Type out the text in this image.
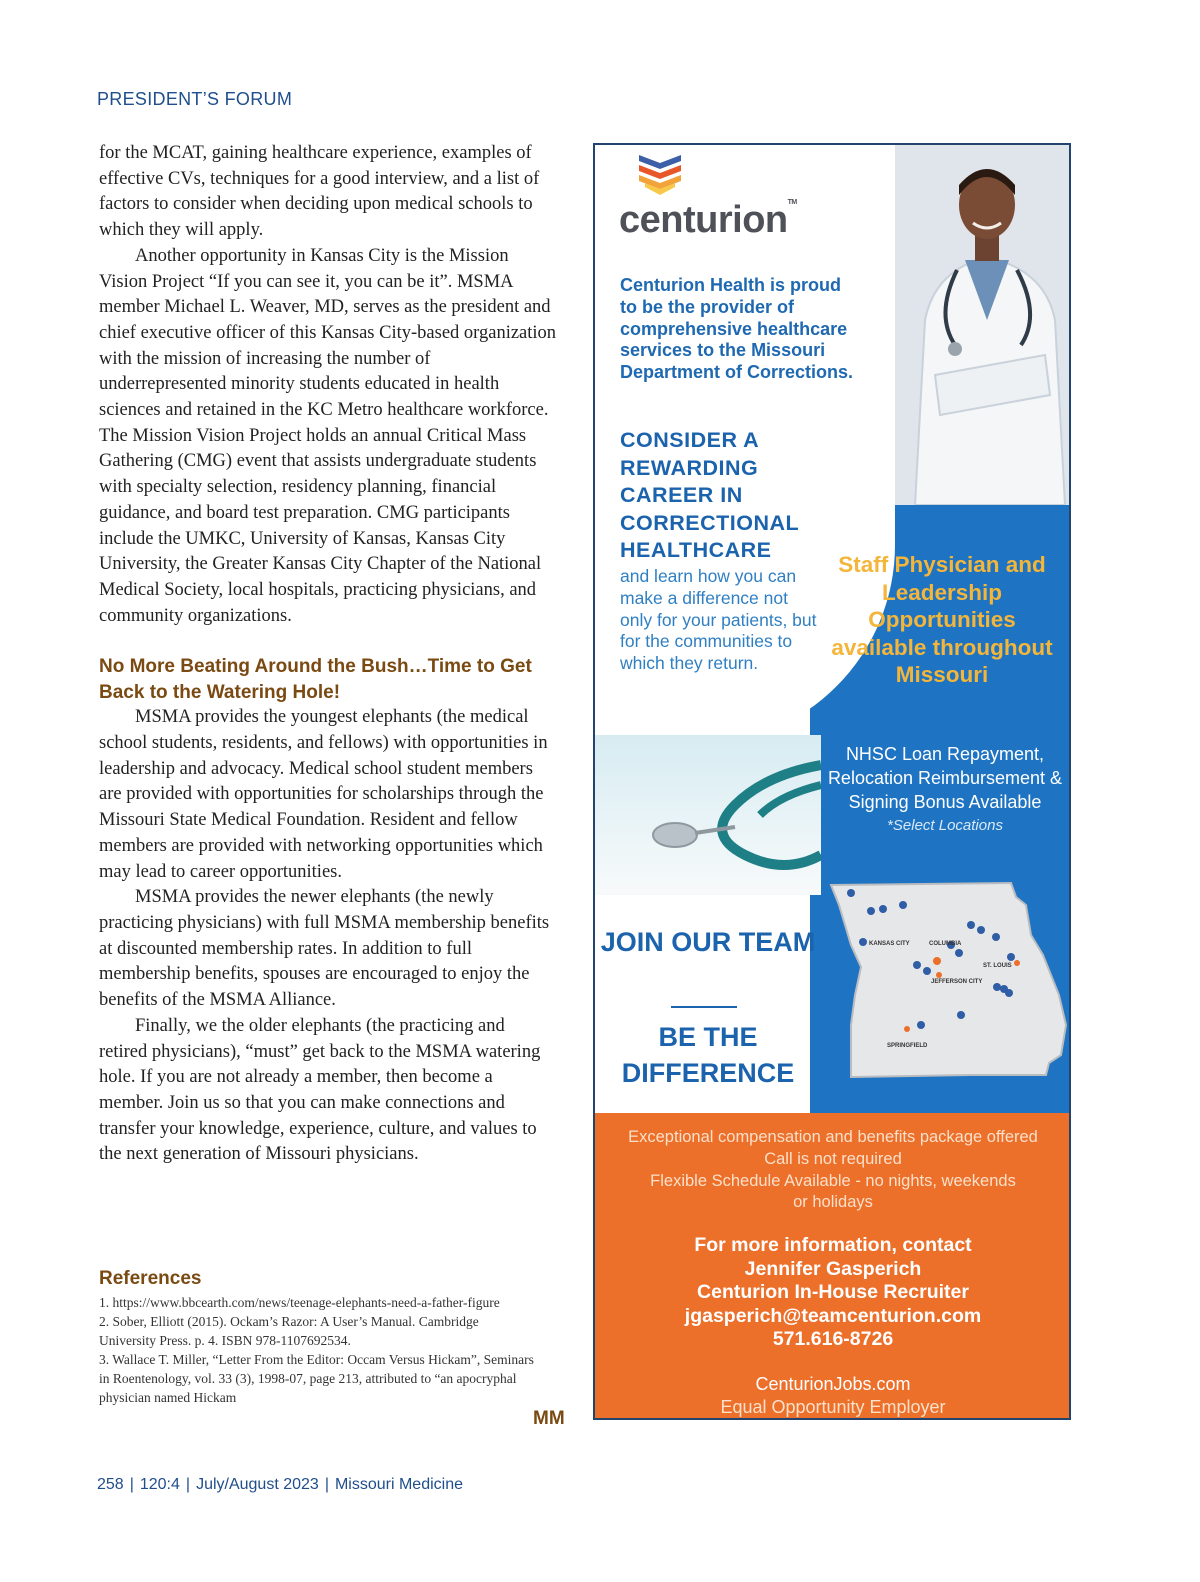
PRESIDENT’S FORUM

for the MCAT, gaining healthcare experience, examples of effective CVs, techniques for a good interview, and a list of factors to consider when deciding upon medical schools to which they will apply.

Another opportunity in Kansas City is the Mission Vision Project “If you can see it, you can be it”. MSMA member Michael L. Weaver, MD, serves as the president and chief executive officer of this Kansas City-based organization with the mission of increasing the number of underrepresented minority students educated in health sciences and retained in the KC Metro healthcare workforce. The Mission Vision Project holds an annual Critical Mass Gathering (CMG) event that assists undergraduate students with specialty selection, residency planning, financial guidance, and board test preparation. CMG participants include the UMKC, University of Kansas, Kansas City University, the Greater Kansas City Chapter of the National Medical Society, local hospitals, practicing physicians, and community organizations.

No More Beating Around the Bush…Time to Get Back to the Watering Hole!

MSMA provides the youngest elephants (the medical school students, residents, and fellows) with opportunities in leadership and advocacy. Medical school student members are provided with opportunities for scholarships through the Missouri State Medical Foundation. Resident and fellow members are provided with networking opportunities which may lead to career opportunities.

MSMA provides the newer elephants (the newly practicing physicians) with full MSMA membership benefits at discounted membership rates. In addition to full membership benefits, spouses are encouraged to enjoy the benefits of the MSMA Alliance.

Finally, we the older elephants (the practicing and retired physicians), “must” get back to the MSMA watering hole. If you are not already a member, then become a member. Join us so that you can make connections and transfer your knowledge, experience, culture, and values to the next generation of Missouri physicians.

References
1. https://www.bbcearth.com/news/teenage-elephants-need-a-father-figure
2. Sober, Elliott (2015). Ockam’s Razor: A User’s Manual. Cambridge University Press. p. 4. ISBN 978-1107692534.
3. Wallace T. Miller, “Letter From the Editor: Occam Versus Hickam”, Seminars in Roentenology, vol. 33 (3), 1998-07, page 213, attributed to “an apocryphal physician named Hickam
MM
258 | 120:4 | July/August 2023 | Missouri Medicine
centurion™
Centurion Health is proud to be the provider of comprehensive healthcare services to the Missouri Department of Corrections.
CONSIDER A REWARDING CAREER IN CORRECTIONAL HEALTHCARE
and learn how you can make a difference not only for your patients, but for the communities to which they return.
Staff Physician and Leadership Opportunities available throughout Missouri
NHSC Loan Repayment, Relocation Reimbursement & Signing Bonus Available
*Select Locations
JOIN OUR TEAM
BE THE DIFFERENCE
KANSAS CITY	COLUMBIA
JEFFERSON CITY
ST. LOUIS
SPRINGFIELD
Exceptional compensation and benefits package offered
Call is not required
Flexible Schedule Available - no nights, weekends
or holidays
For more information, contact
Jennifer Gasperich
Centurion In-House Recruiter
jgasperich@teamcenturion.com
571.616-8726
CenturionJobs.com
Equal Opportunity Employer
